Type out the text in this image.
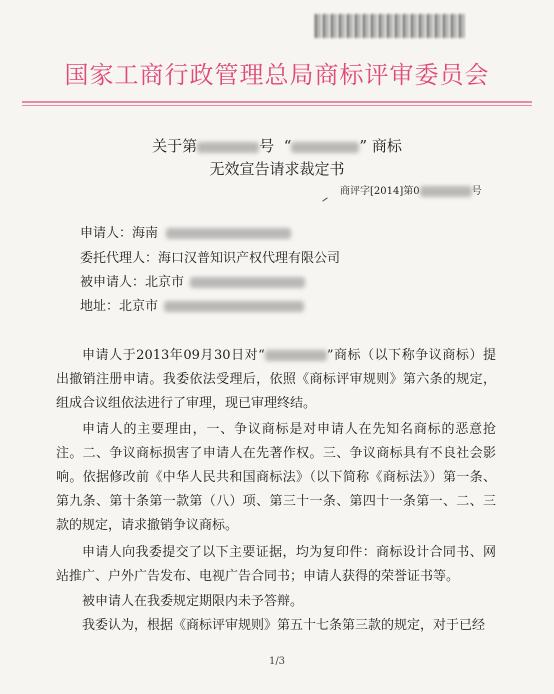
国家工商行政管理总局商标评审委员会
关于第	号 “	” 商标
无效宣告请求裁定书
商评字[2014]第0	号
申请人：海南
委托代理人：海口汉普知识产权代理有限公司
被申请人：北京市
地址：北京市
申请人于2013年09月30日对“	”商标（以下称争议商标）提出撤销注册申请。我委依法受理后，依照《商标评审规则》第六条的规定，组成合议组依法进行了审理，现已审理终结。
申请人的主要理由，一、争议商标是对申请人在先知名商标的恶意抢注。二、争议商标损害了申请人在先著作权。三、争议商标具有不良社会影响。依据修改前《中华人民共和国商标法》（以下简称《商标法》）第一条、第九条、第十条第一款第（八）项、第三十一条、第四十一条第一、二、三款的规定，请求撤销争议商标。
申请人向我委提交了以下主要证据，均为复印件：商标设计合同书、网站推广、户外广告发布、电视广告合同书；申请人获得的荣誉证书等。
被申请人在我委规定期限内未予答辩。
我委认为，根据《商标评审规则》第五十七条第三款的规定，对于已经
1/3
